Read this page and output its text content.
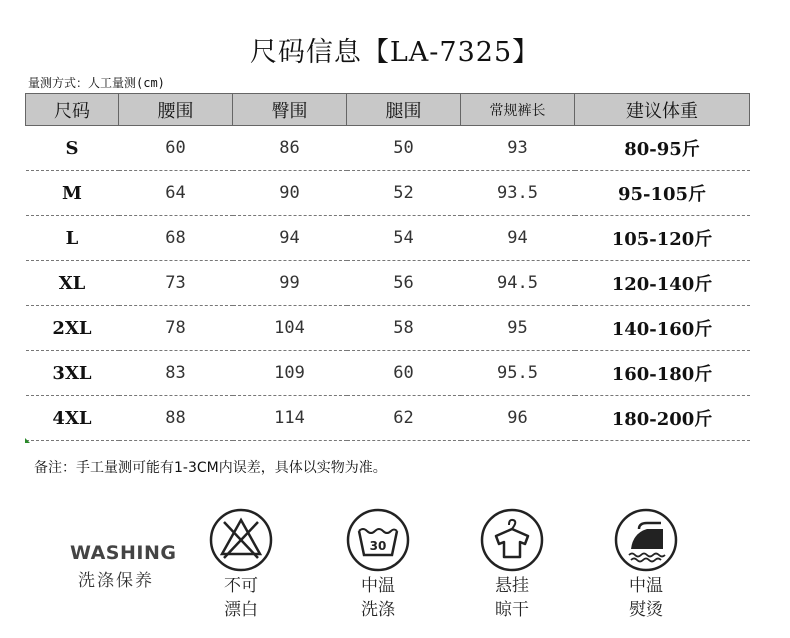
尺码信息【LA-7325】
量测方式：人工量测(cm)
尺码	腰围	臀围	腿围	常规裤长	建议体重
S	60	86	50	93	80-95斤
M	64	90	52	93.5	95-105斤
L	68	94	54	94	105-120斤
XL	73	99	56	94.5	120-140斤
2XL	78	104	58	95	140-160斤
3XL	83	109	60	95.5	160-180斤
4XL	88	114	62	96	180-200斤
备注：手工量测可能有1-3CM内误差，具体以实物为准。
WASHING
洗涤保养	不可
漂白
30
中温
洗涤
悬挂
晾干
中温
熨烫
